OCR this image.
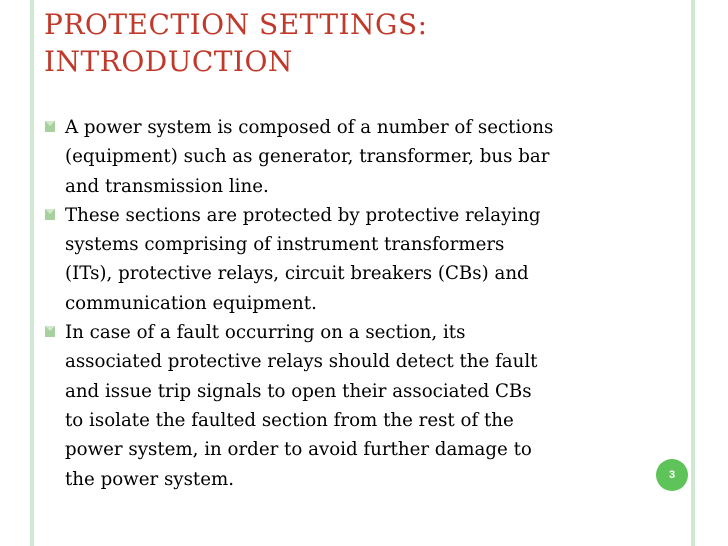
PROTECTION SETTINGS:
INTRODUCTION
A power system is composed of a number of sections
(equipment) such as generator, transformer, bus bar
and transmission line.
These sections are protected by protective relaying
systems comprising of instrument transformers
(ITs), protective relays, circuit breakers (CBs) and
communication equipment.
In case of a fault occurring on a section, its
associated protective relays should detect the fault
and issue trip signals to open their associated CBs
to isolate the faulted section from the rest of the
power system, in order to avoid further damage to
the power system.	3
